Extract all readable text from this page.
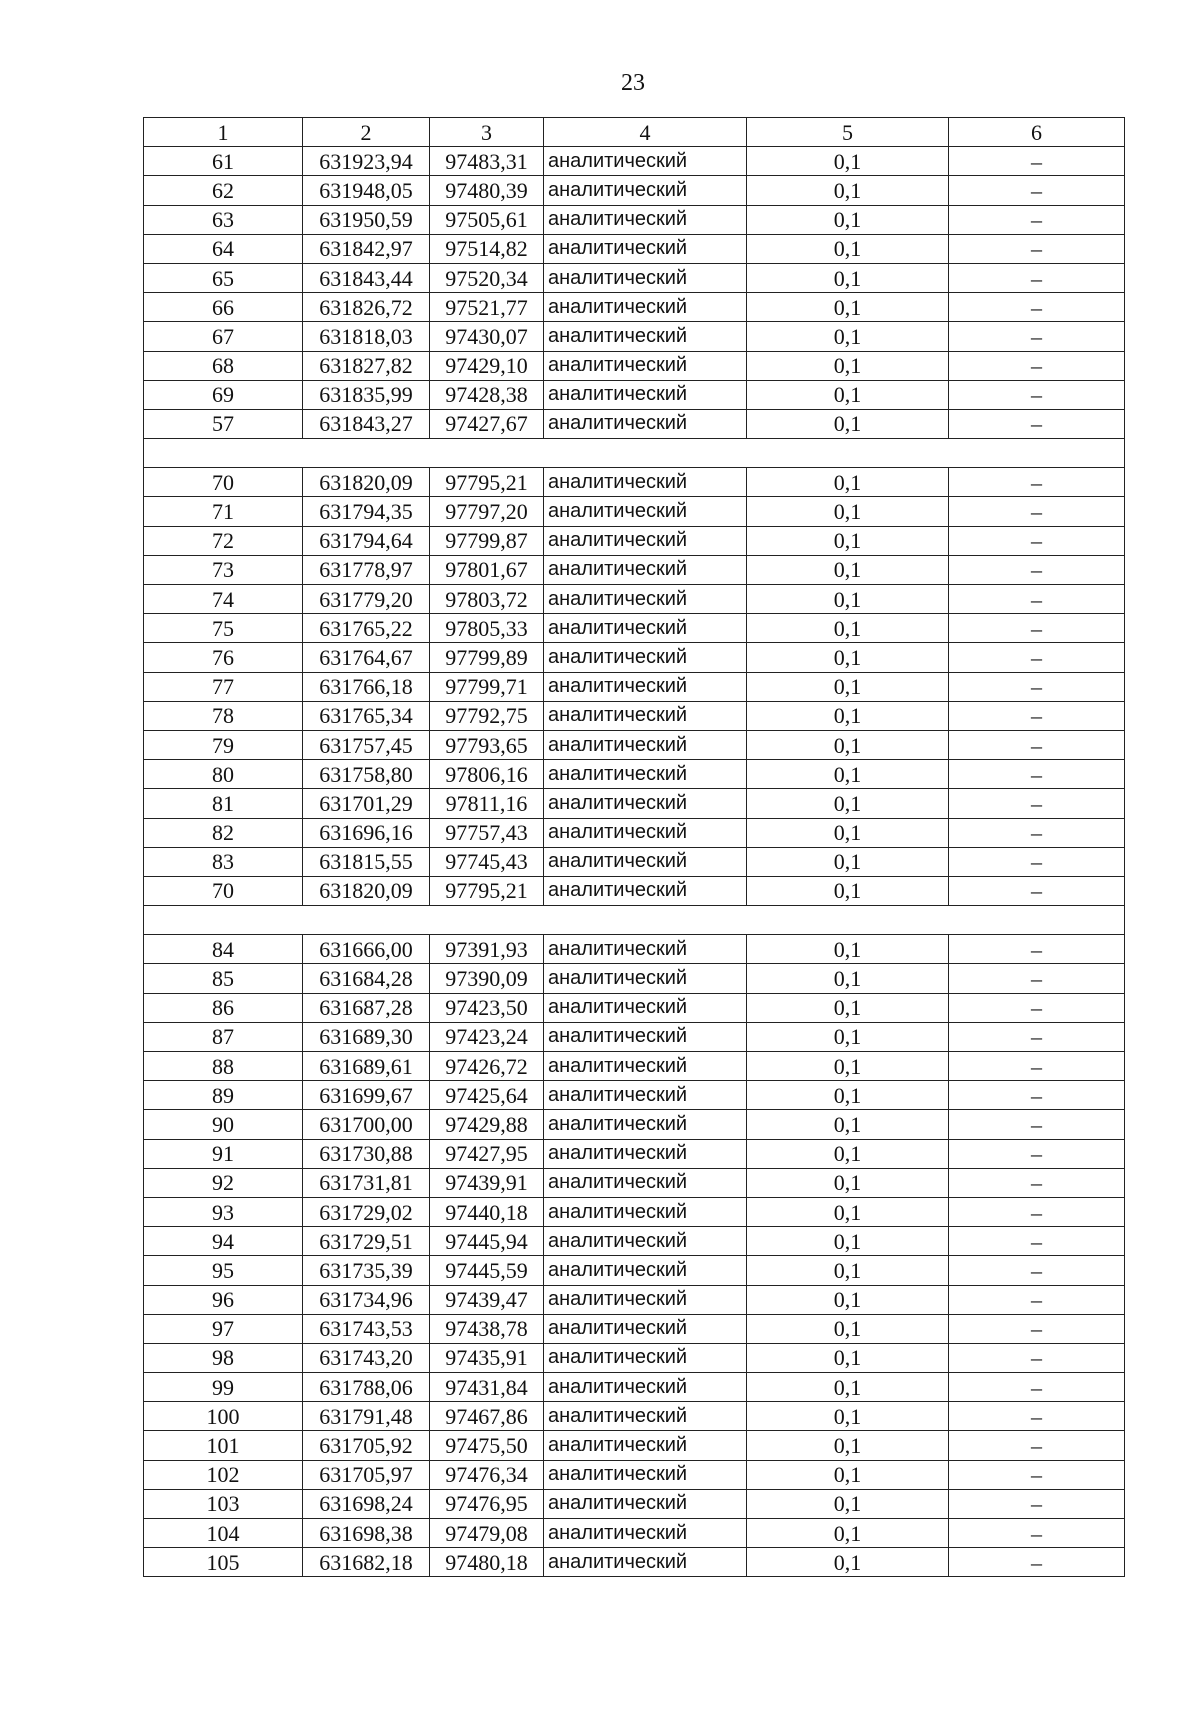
23
1	2	3	4	5	6
61	631923,94	97483,31	аналитический	0,1	–
62	631948,05	97480,39	аналитический	0,1	–
63	631950,59	97505,61	аналитический	0,1	–
64	631842,97	97514,82	аналитический	0,1	–
65	631843,44	97520,34	аналитический	0,1	–
66	631826,72	97521,77	аналитический	0,1	–
67	631818,03	97430,07	аналитический	0,1	–
68	631827,82	97429,10	аналитический	0,1	–
69	631835,99	97428,38	аналитический	0,1	–
57	631843,27	97427,67	аналитический	0,1	–

70	631820,09	97795,21	аналитический	0,1	–
71	631794,35	97797,20	аналитический	0,1	–
72	631794,64	97799,87	аналитический	0,1	–
73	631778,97	97801,67	аналитический	0,1	–
74	631779,20	97803,72	аналитический	0,1	–
75	631765,22	97805,33	аналитический	0,1	–
76	631764,67	97799,89	аналитический	0,1	–
77	631766,18	97799,71	аналитический	0,1	–
78	631765,34	97792,75	аналитический	0,1	–
79	631757,45	97793,65	аналитический	0,1	–
80	631758,80	97806,16	аналитический	0,1	–
81	631701,29	97811,16	аналитический	0,1	–
82	631696,16	97757,43	аналитический	0,1	–
83	631815,55	97745,43	аналитический	0,1	–
70	631820,09	97795,21	аналитический	0,1	–

84	631666,00	97391,93	аналитический	0,1	–
85	631684,28	97390,09	аналитический	0,1	–
86	631687,28	97423,50	аналитический	0,1	–
87	631689,30	97423,24	аналитический	0,1	–
88	631689,61	97426,72	аналитический	0,1	–
89	631699,67	97425,64	аналитический	0,1	–
90	631700,00	97429,88	аналитический	0,1	–
91	631730,88	97427,95	аналитический	0,1	–
92	631731,81	97439,91	аналитический	0,1	–
93	631729,02	97440,18	аналитический	0,1	–
94	631729,51	97445,94	аналитический	0,1	–
95	631735,39	97445,59	аналитический	0,1	–
96	631734,96	97439,47	аналитический	0,1	–
97	631743,53	97438,78	аналитический	0,1	–
98	631743,20	97435,91	аналитический	0,1	–
99	631788,06	97431,84	аналитический	0,1	–
100	631791,48	97467,86	аналитический	0,1	–
101	631705,92	97475,50	аналитический	0,1	–
102	631705,97	97476,34	аналитический	0,1	–
103	631698,24	97476,95	аналитический	0,1	–
104	631698,38	97479,08	аналитический	0,1	–
105	631682,18	97480,18	аналитический	0,1	–
